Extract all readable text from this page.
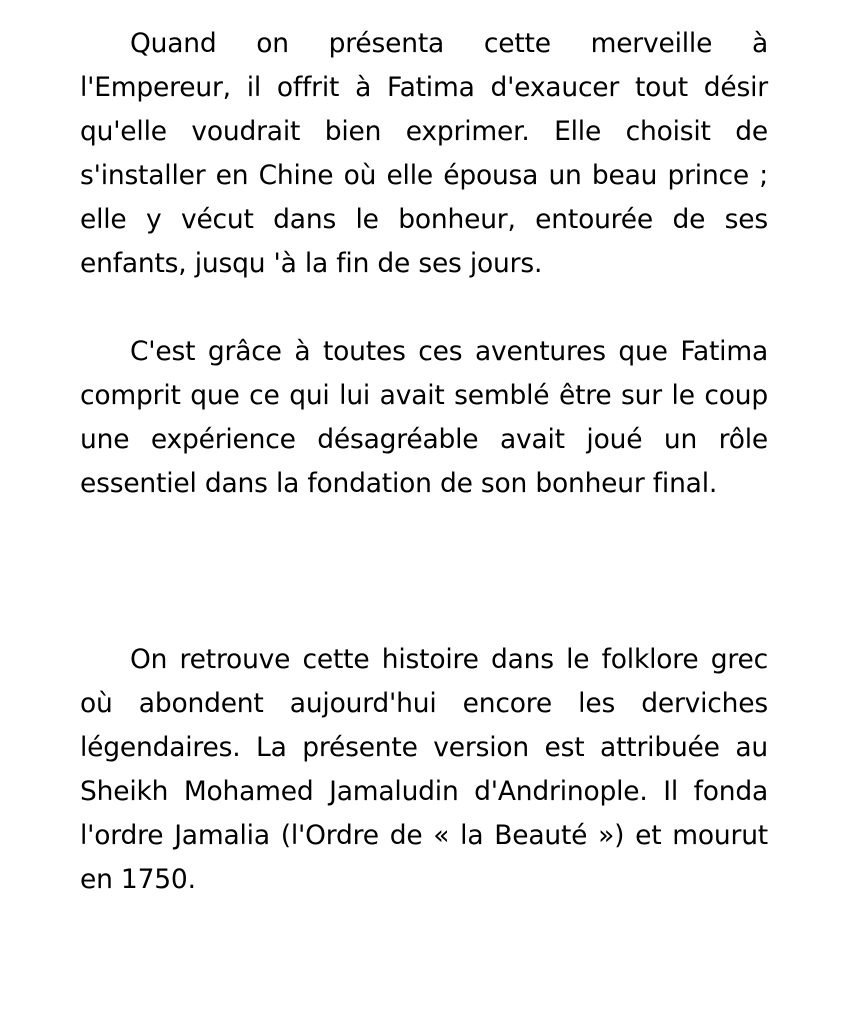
Quand on présenta cette merveille à l'Empereur, il offrit à Fatima d'exaucer tout désir qu'elle voudrait bien exprimer. Elle choisit de s'installer en Chine où elle épousa un beau prince ; elle y vécut dans le bonheur, entourée de ses enfants, jusqu 'à la fin de ses jours.

C'est grâce à toutes ces aventures que Fatima comprit que ce qui lui avait semblé être sur le coup une expérience désagréable avait joué un rôle essentiel dans la fondation de son bonheur final.

On retrouve cette histoire dans le folklore grec où abondent aujourd'hui encore les derviches légendaires. La présente version est attribuée au Sheikh Mohamed Jamaludin d'Andrinople. Il fonda l'ordre Jamalia (l'Ordre de « la Beauté ») et mourut en 1750.
